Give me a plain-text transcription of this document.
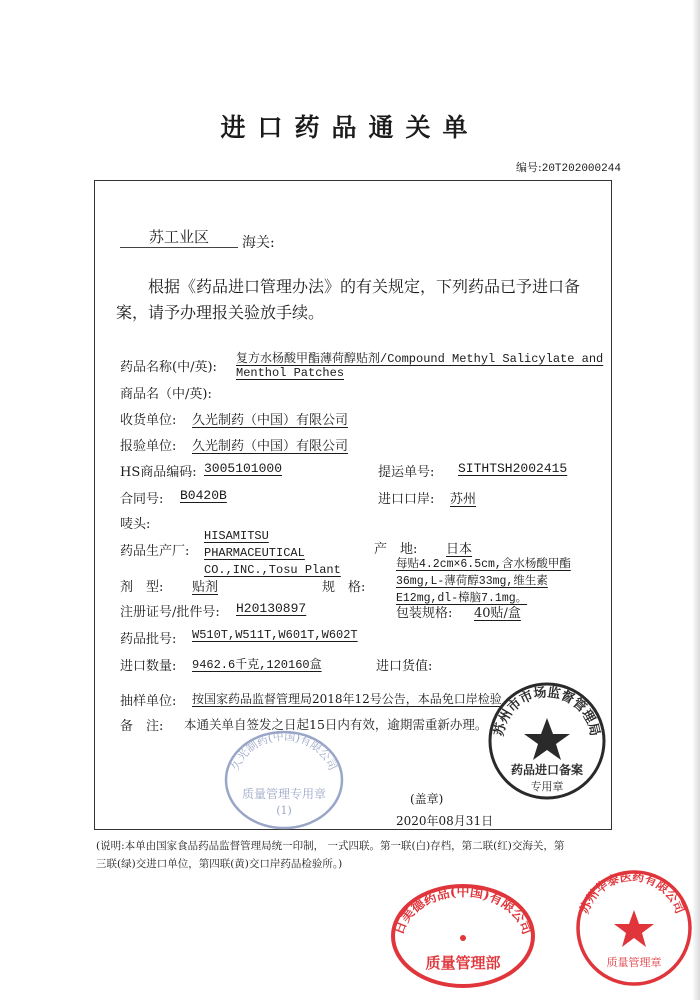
进口药品通关单
编号:20T202000244
苏工业区	海关:
根据《药品进口管理办法》的有关规定，下列药品已予进口备
案，请予办理报关验放手续。
药品名称(中/英):
复方水杨酸甲酯薄荷醇贴剂/Compound Methyl Salicylate and
Menthol Patches
商品名（中/英):
收货单位: 久光制药（中国）有限公司
报验单位: 久光制药（中国）有限公司
HS商品编码: 3005101000	提运单号: SITHTSH2002415
合同号: B0420B	进口口岸: 苏州
唛头:
药品生产厂:
HISAMITSU
PHARMACEUTICAL
CO.,INC.,Tosu Plant
产　地: 日本
剂　型: 贴剂	规　格:
每贴4.2cm×6.5cm,含水杨酸甲酯
36mg,L-薄荷醇33mg,维生素
E12mg,dl-樟脑7.1mg。
注册证号/批件号: H20130897	包装规格: 40贴/盒
药品批号: W510T,W511T,W601T,W602T
进口数量: 9462.6千克,120160盒	进口货值:
抽样单位: 按国家药品监督管理局2018年12号公告，本品免口岸检验
备　注: 本通关单自签发之日起15日内有效，逾期需重新办理。
(盖章)
2020年08月31日
(说明:本单由国家食品药品监督管理局统一印制， 一式四联。第一联(白)存档，第二联(红)交海关，第
三联(绿)交进口单位，第四联(黄)交口岸药品检验所。)
久光制药(中国)有限公司
质量管理专用章
(1)
苏州市市场监督管理局
药品进口备案
专用章
日美德药品(中国)有限公司
质量管理部
苏州华泰医药有限公司
质量管理章
